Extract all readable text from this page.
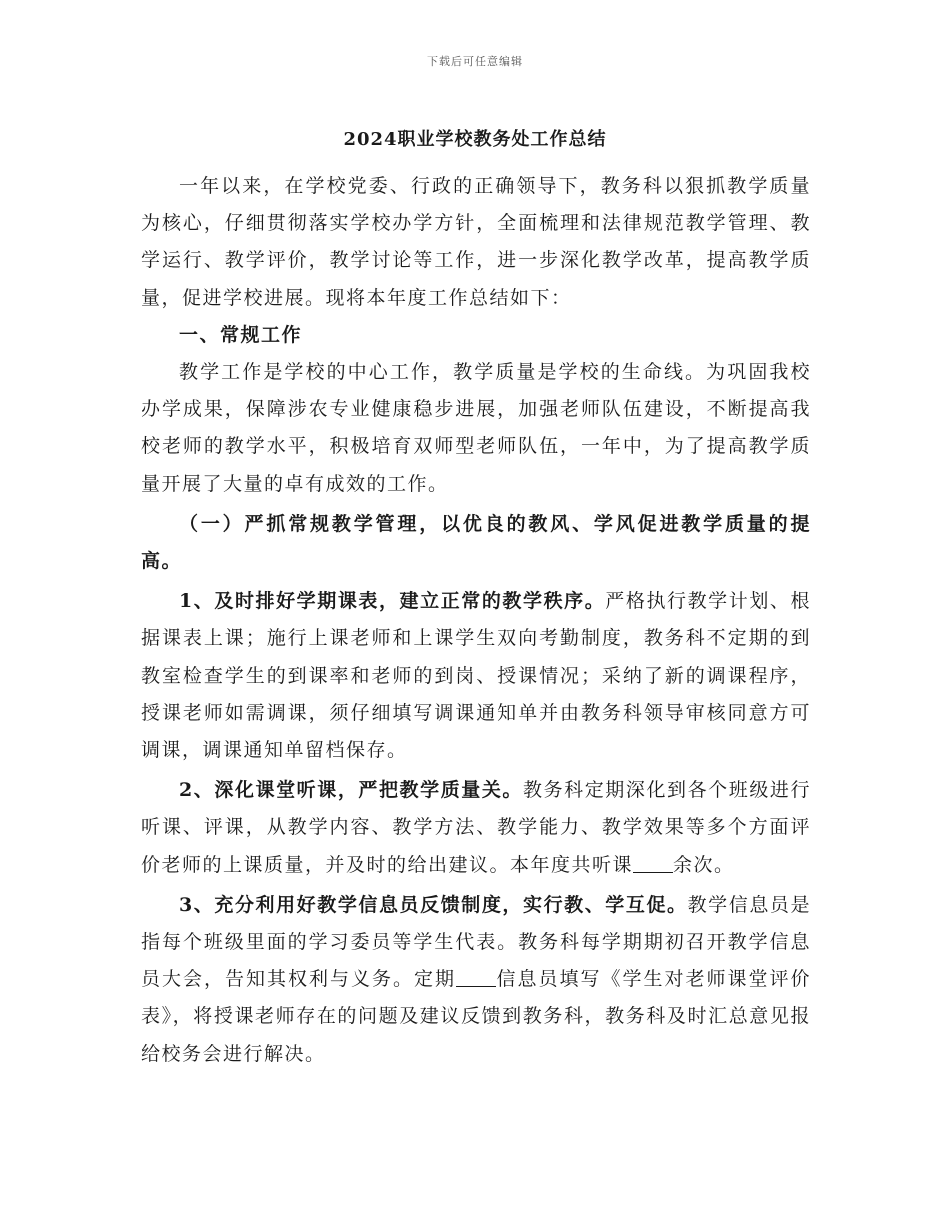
下载后可任意编辑
2024职业学校教务处工作总结

一年以来，在学校党委、行政的正确领导下，教务科以狠抓教学质量为核心，仔细贯彻落实学校办学方针，全面梳理和法律规范教学管理、教学运行、教学评价，教学讨论等工作，进一步深化教学改革，提高教学质量，促进学校进展。现将本年度工作总结如下：

一、常规工作

教学工作是学校的中心工作，教学质量是学校的生命线。为巩固我校办学成果，保障涉农专业健康稳步进展，加强老师队伍建设，不断提高我校老师的教学水平，积极培育双师型老师队伍，一年中，为了提高教学质量开展了大量的卓有成效的工作。

（一）严抓常规教学管理，以优良的教风、学风促进教学质量的提高。

1、及时排好学期课表，建立正常的教学秩序。严格执行教学计划、根据课表上课；施行上课老师和上课学生双向考勤制度，教务科不定期的到教室检查学生的到课率和老师的到岗、授课情况；采纳了新的调课程序，授课老师如需调课，须仔细填写调课通知单并由教务科领导审核同意方可调课，调课通知单留档保存。

2、深化课堂听课，严把教学质量关。教务科定期深化到各个班级进行听课、评课，从教学内容、教学方法、教学能力、教学效果等多个方面评价老师的上课质量，并及时的给出建议。本年度共听课 余次。

3、充分利用好教学信息员反馈制度，实行教、学互促。教学信息员是指每个班级里面的学习委员等学生代表。教务科每学期期初召开教学信息员大会，告知其权利与义务。定期 信息员填写《学生对老师课堂评价表》，将授课老师存在的问题及建议反馈到教务科，教务科及时汇总意见报给校务会进行解决。
